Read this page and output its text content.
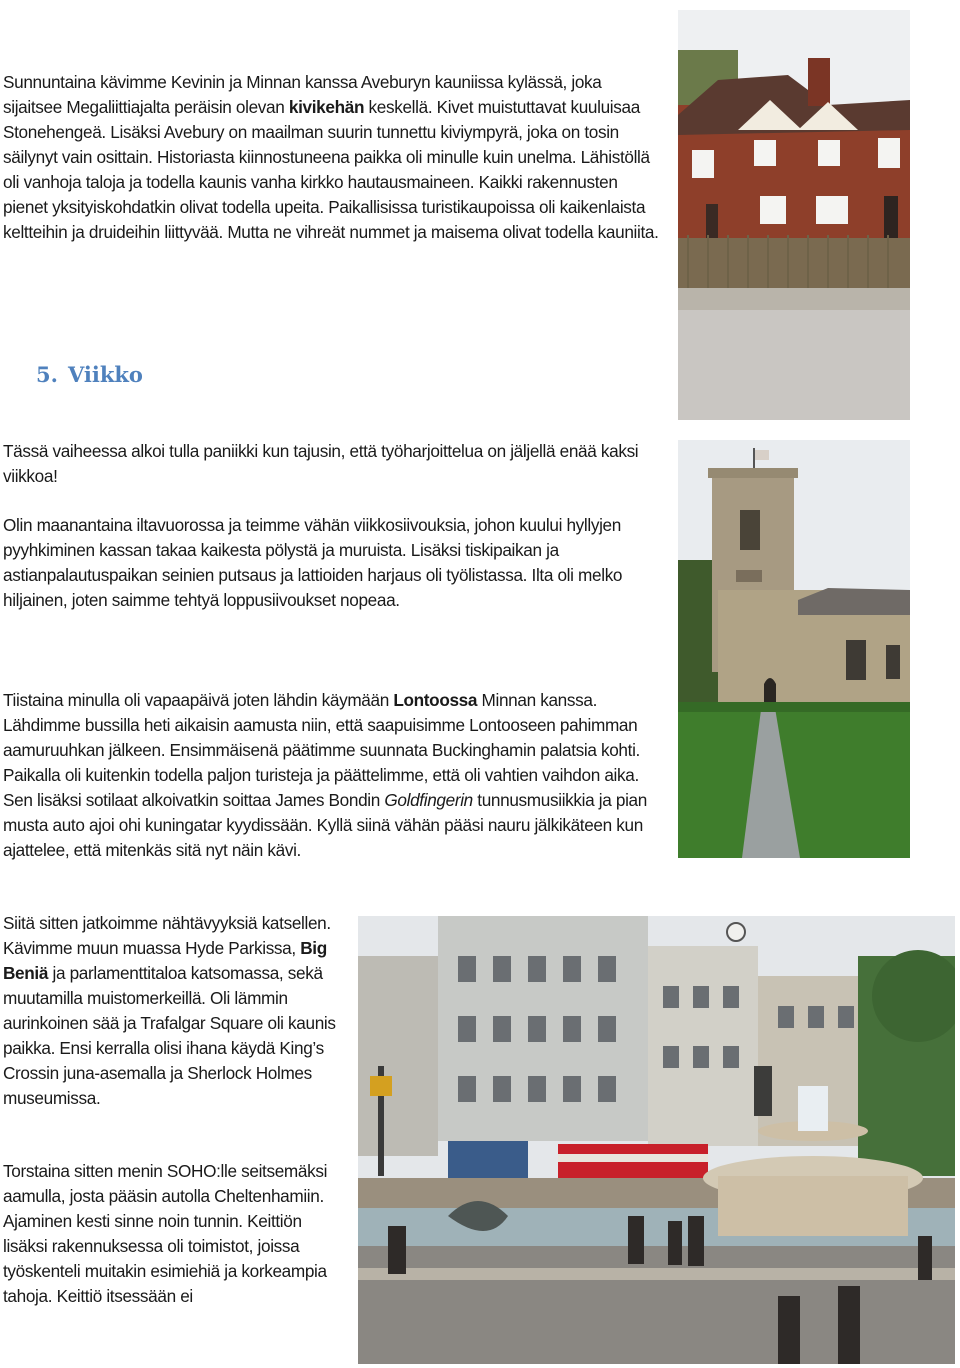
Sunnuntaina kävimme Kevinin ja Minnan kanssa Aveburyn kauniissa kylässä, joka sijaitsee Megaliittiajalta peräisin olevan kivikehän keskellä. Kivet muistuttavat kuuluisaa Stonehengeä. Lisäksi Avebury on maailman suurin tunnettu kiviympyrä, joka on tosin säilynyt vain osittain. Historiasta kiinnostuneena paikka oli minulle kuin unelma. Lähistöllä oli vanhoja taloja ja todella kaunis vanha kirkko hautausmaineen. Kaikki rakennusten pienet yksityiskohdatkin olivat todella upeita. Paikallisissa turistikaupoissa oli kaikenlaista keltteihin ja druideihin liittyvää. Mutta ne vihreät nummet ja maisema olivat todella kauniita.

5. Viikko

Tässä vaiheessa alkoi tulla paniikki kun tajusin, että työharjoittelua on jäljellä enää kaksi viikkoa!

Olin maanantaina iltavuorossa ja teimme vähän viikkosiivouksia, johon kuului hyllyjen pyyhkiminen kassan takaa kaikesta pölystä ja muruista. Lisäksi tiskipaikan ja astianpalautuspaikan seinien putsaus ja lattioiden harjaus oli työlistassa. Ilta oli melko hiljainen, joten saimme tehtyä loppusiivoukset nopeaa.

Tiistaina minulla oli vapaapäivä joten lähdin käymään Lontoossa Minnan kanssa. Lähdimme bussilla heti aikaisin aamusta niin, että saapuisimme Lontooseen pahimman aamuruuhkan jälkeen. Ensimmäisenä päätimme suunnata Buckinghamin palatsia kohti. Paikalla oli kuitenkin todella paljon turisteja ja päättelimme, että oli vahtien vaihdon aika. Sen lisäksi sotilaat alkoivatkin soittaa James Bondin Goldfingerin tunnusmusiikkia ja pian musta auto ajoi ohi kuningatar kyydissään. Kyllä siinä vähän pääsi nauru jälkikäteen kun ajattelee, että mitenkäs sitä nyt näin kävi.

Siitä sitten jatkoimme nähtävyyksiä katsellen. Kävimme muun muassa Hyde Parkissa, Big Beniä ja parlamenttitaloa katsomassa, sekä muutamilla muistomerkeillä. Oli lämmin aurinkoinen sää ja Trafalgar Square oli kaunis paikka. Ensi kerralla olisi ihana käydä King’s Crossin juna-asemalla ja Sherlock Holmes museumissa.

Torstaina sitten menin SOHO:lle seitsemäksi aamulla, josta pääsin autolla Cheltenhamiin. Ajaminen kesti sinne noin tunnin. Keittiön lisäksi rakennuksessa oli toimistot, joissa työskenteli muitakin esimiehiä ja korkeampia tahoja. Keittiö itsessään ei
